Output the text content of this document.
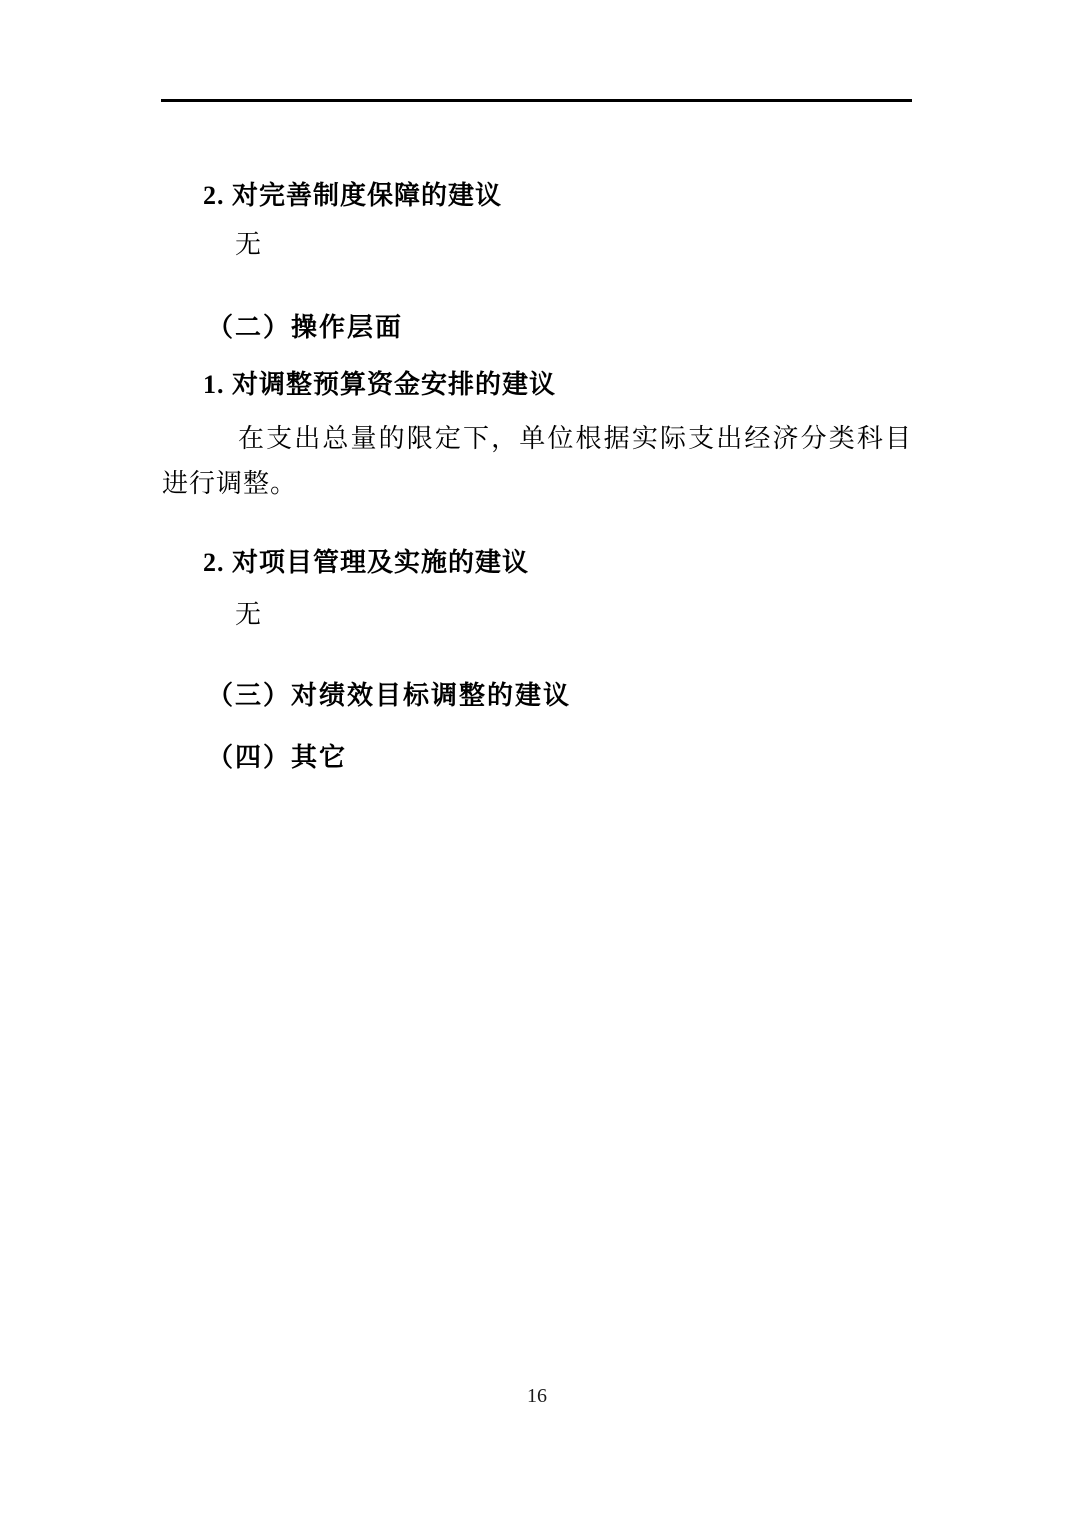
2. 对完善制度保障的建议
无
（二）操作层面
1. 对调整预算资金安排的建议
在支出总量的限定下，单位根据实际支出经济分类科目进行调整。
2. 对项目管理及实施的建议
无
（三）对绩效目标调整的建议
（四）其它
16
